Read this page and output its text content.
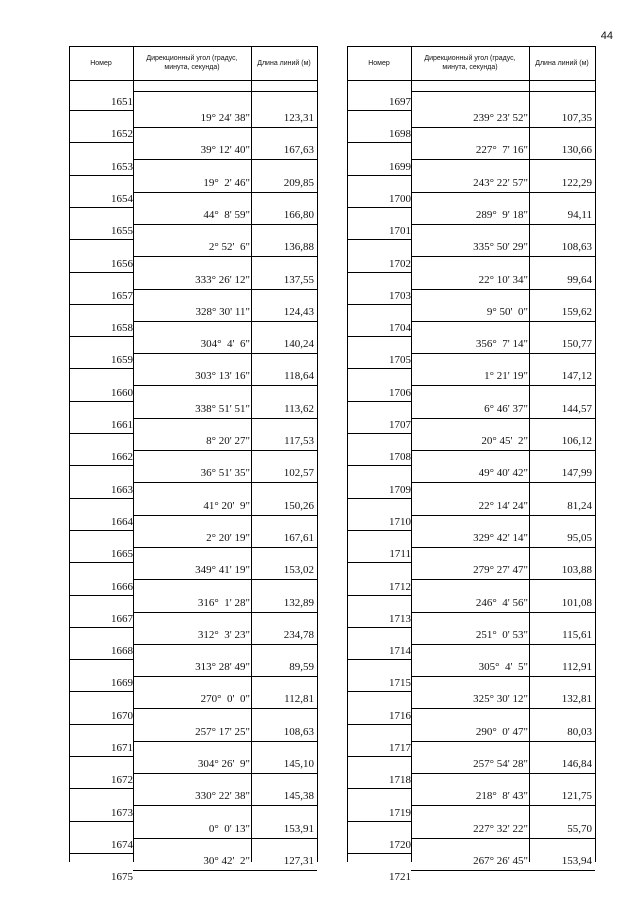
44
Номер
Дирекционный угол (градус, минута, секунда)
Длина линий (м)
1651
1652
1653
1654
1655
1656
1657
1658
1659
1660
1661
1662
1663
1664
1665
1666
1667
1668
1669
1670
1671
1672
1673
1674
1675
19° 24' 38"
39° 12' 40"
19°  2' 46"
44°  8' 59"
2° 52'  6"
333° 26' 12"
328° 30' 11"
304°  4'  6"
303° 13' 16"
338° 51' 51"
8° 20' 27"
36° 51' 35"
41° 20'  9"
2° 20' 19"
349° 41' 19"
316°  1' 28"
312°  3' 23"
313° 28' 49"
270°  0'  0"
257° 17' 25"
304° 26'  9"
330° 22' 38"
0°  0' 13"
30° 42'  2"
123,31
167,63
209,85
166,80
136,88
137,55
124,43
140,24
118,64
113,62
117,53
102,57
150,26
167,61
153,02
132,89
234,78
89,59
112,81
108,63
145,10
145,38
153,91
127,31
Номер
Дирекционный угол (градус, минута, секунда)
Длина линий (м)
1697
1698
1699
1700
1701
1702
1703
1704
1705
1706
1707
1708
1709
1710
1711
1712
1713
1714
1715
1716
1717
1718
1719
1720
1721
239° 23' 52"
227°  7' 16"
243° 22' 57"
289°  9' 18"
335° 50' 29"
22° 10' 34"
9° 50'  0"
356°  7' 14"
1° 21' 19"
6° 46' 37"
20° 45'  2"
49° 40' 42"
22° 14' 24"
329° 42' 14"
279° 27' 47"
246°  4' 56"
251°  0' 53"
305°  4'  5"
325° 30' 12"
290°  0' 47"
257° 54' 28"
218°  8' 43"
227° 32' 22"
267° 26' 45"
107,35
130,66
122,29
94,11
108,63
99,64
159,62
150,77
147,12
144,57
106,12
147,99
81,24
95,05
103,88
101,08
115,61
112,91
132,81
80,03
146,84
121,75
55,70
153,94
